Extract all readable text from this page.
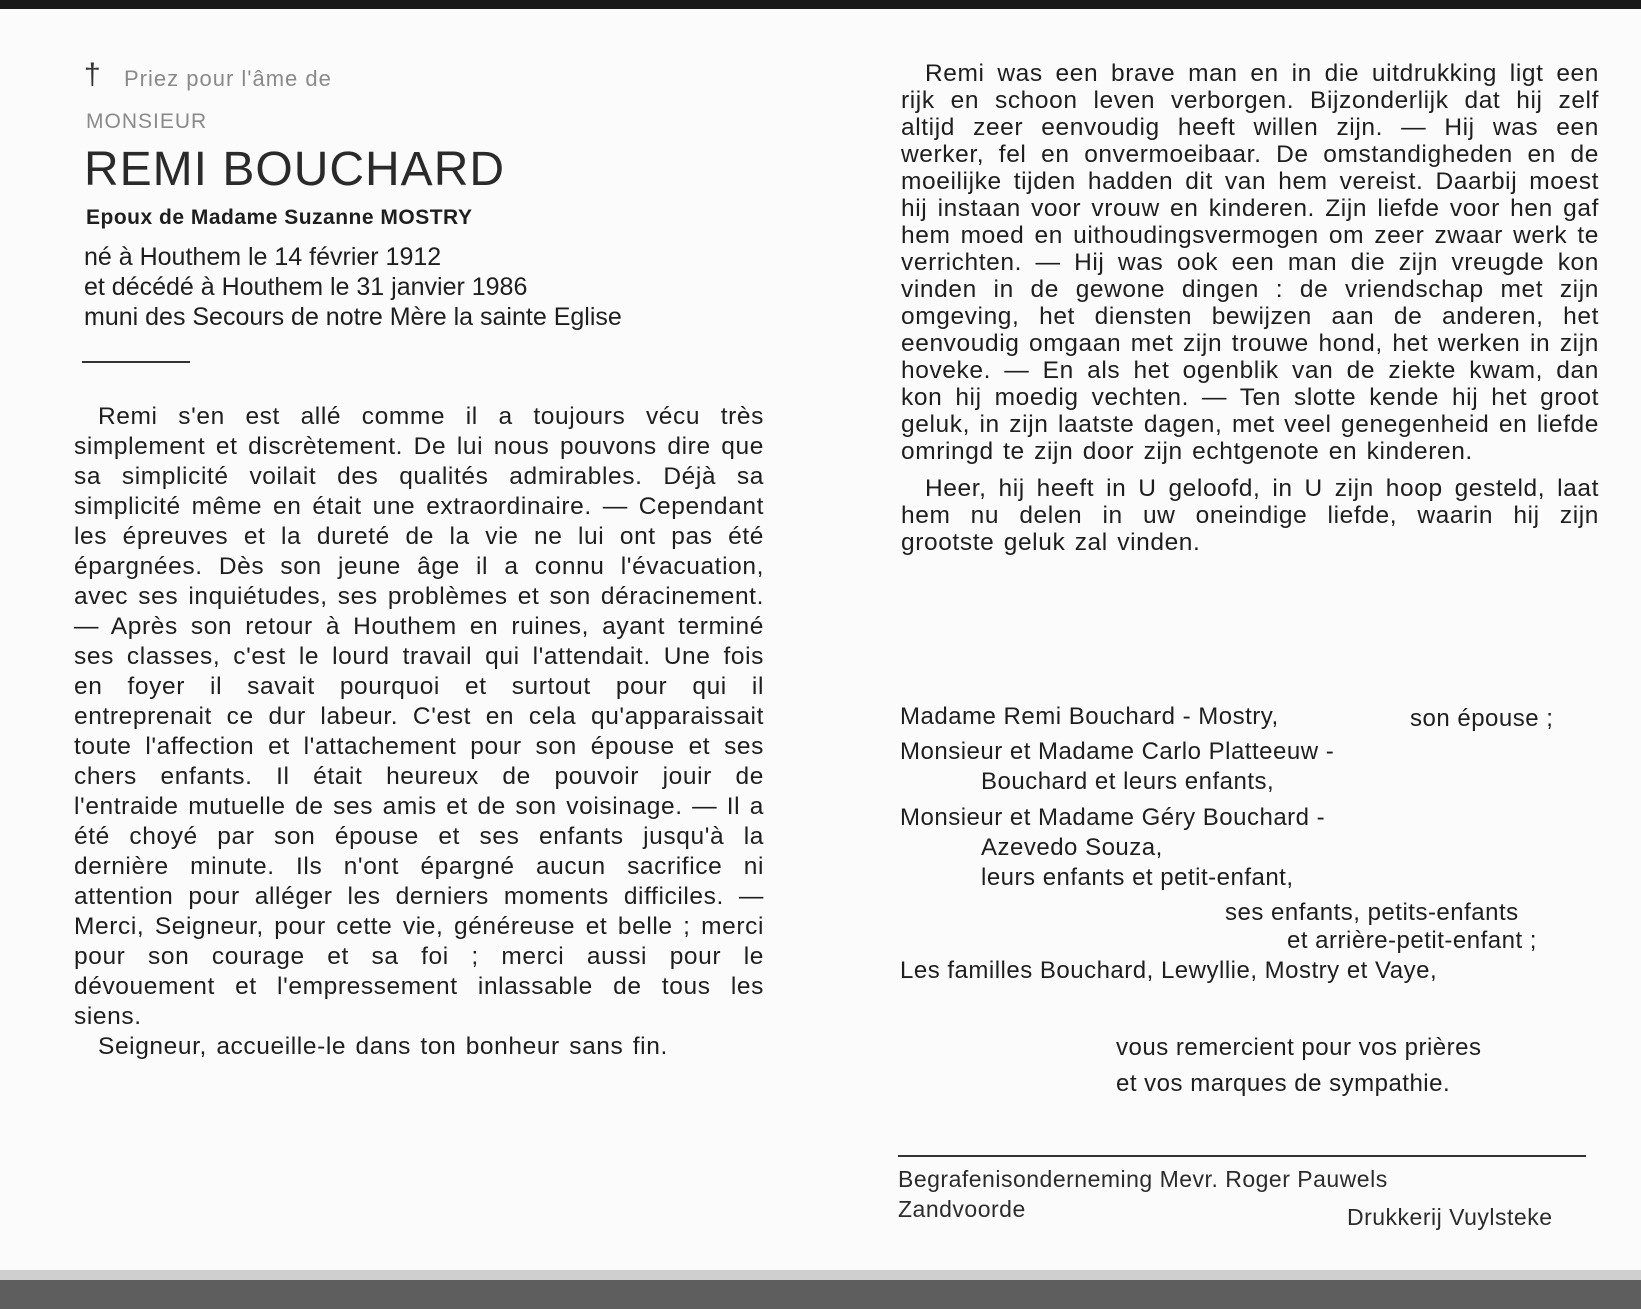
† Priez pour l'âme de
MONSIEUR
REMI BOUCHARD
Epoux de Madame Suzanne MOSTRY
né à Houthem le 14 février 1912
et décédé à Houthem le 31 janvier 1986
muni des Secours de notre Mère la sainte Eglise

Remi s'en est allé comme il a toujours vécu très simplement et discrètement. De lui nous pouvons dire que sa simplicité voilait des qualités admirables. Déjà sa simplicité même en était une extraordinaire. — Cependant les épreuves et la dureté de la vie ne lui ont pas été épargnées. Dès son jeune âge il a connu l'évacuation, avec ses inquiétudes, ses problèmes et son déracinement. — Après son retour à Houthem en ruines, ayant terminé ses classes, c'est le lourd travail qui l'attendait. Une fois en foyer il savait pourquoi et surtout pour qui il entreprenait ce dur labeur. C'est en cela qu'apparaissait toute l'affection et l'attachement pour son épouse et ses chers enfants. Il était heureux de pouvoir jouir de l'entraide mutuelle de ses amis et de son voisinage. — Il a été choyé par son épouse et ses enfants jusqu'à la dernière minute. Ils n'ont épargné aucun sacrifice ni attention pour alléger les derniers moments difficiles. — Merci, Seigneur, pour cette vie, généreuse et belle ; merci pour son courage et sa foi ; merci aussi pour le dévouement et l'empressement inlassable de tous les siens.

Seigneur, accueille-le dans ton bonheur sans fin.

Remi was een brave man en in die uitdrukking ligt een rijk en schoon leven verborgen. Bijzonderlijk dat hij zelf altijd zeer eenvoudig heeft willen zijn. — Hij was een werker, fel en onvermoeibaar. De omstandigheden en de moeilijke tijden hadden dit van hem vereist. Daarbij moest hij instaan voor vrouw en kinderen. Zijn liefde voor hen gaf hem moed en uithoudingsvermogen om zeer zwaar werk te verrichten. — Hij was ook een man die zijn vreugde kon vinden in de gewone dingen : de vriendschap met zijn omgeving, het diensten bewijzen aan de anderen, het eenvoudig omgaan met zijn trouwe hond, het werken in zijn hoveke. — En als het ogenblik van de ziekte kwam, dan kon hij moedig vechten. — Ten slotte kende hij het groot geluk, in zijn laatste dagen, met veel genegenheid en liefde omringd te zijn door zijn echtgenote en kinderen.

Heer, hij heeft in U geloofd, in U zijn hoop gesteld, laat hem nu delen in uw oneindige liefde, waarin hij zijn grootste geluk zal vinden.

Madame Remi Bouchard - Mostry,	son épouse ;
Monsieur et Madame Carlo Platteeuw -
Bouchard et leurs enfants,
Monsieur et Madame Géry Bouchard -
Azevedo Souza,
leurs enfants et petit-enfant,
ses enfants, petits-enfants
et arrière-petit-enfant ;
Les familles Bouchard, Lewyllie, Mostry et Vaye,
vous remercient pour vos prières
et vos marques de sympathie.
Begrafenisonderneming Mevr. Roger Pauwels
Zandvoorde	Drukkerij Vuylsteke
